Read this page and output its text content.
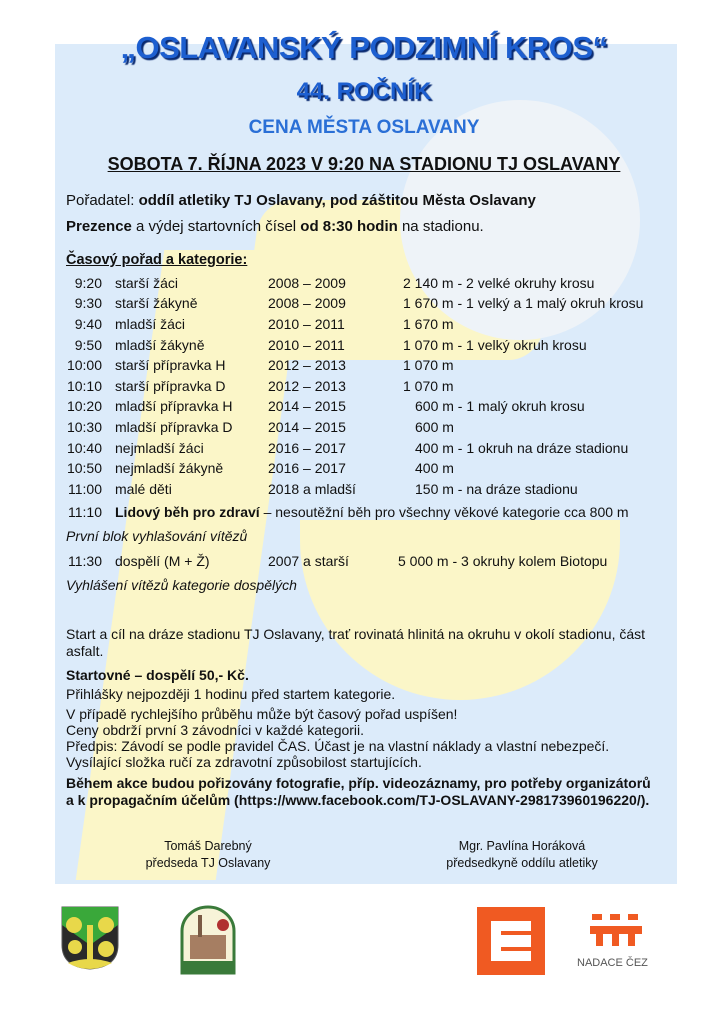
„OSLAVANSKÝ PODZIMNÍ KROS“
44. ROČNÍK
CENA MĚSTA OSLAVANY
SOBOTA 7. ŘÍJNA 2023 V 9:20 NA STADIONU TJ OSLAVANY
Pořadatel: oddíl atletiky TJ Oslavany, pod záštitou Města Oslavany
Prezence a výdej startovních čísel od 8:30 hodin na stadionu.
Časový pořad a kategorie:
9:20 starší žáci	2008 – 2009	2 140 m - 2 velké okruhy krosu
9:30 starší žákyně	2008 – 2009	1 670 m - 1 velký a 1 malý okruh krosu
9:40 mladší žáci	2010 – 2011	1 670 m
9:50 mladší žákyně	2010 – 2011	1 070 m - 1 velký okruh krosu
10:00 starší přípravka H	2012 – 2013	1 070 m
10:10 starší přípravka D	2012 – 2013	1 070 m
10:20 mladší přípravka H	2014 – 2015	600 m - 1 malý okruh krosu
10:30 mladší přípravka D	2014 – 2015	600 m
10:40 nejmladší žáci	2016 – 2017	400 m - 1 okruh na dráze stadionu
10:50 nejmladší žákyně	2016 – 2017	400 m
11:00 malé děti	2018 a mladší	150 m - na dráze stadionu
11:10 Lidový běh pro zdraví – nesoutěžní běh pro všechny věkové kategorie cca 800 m
První blok vyhlašování vítězů
11:30 dospělí (M + Ž)	2007 a starší	5 000 m - 3 okruhy kolem Biotopu
Vyhlášení vítězů kategorie dospělých
Start a cíl na dráze stadionu TJ Oslavany, trať rovinatá hlinitá na okruhu v okolí stadionu, část asfalt.
Startovné – dospělí 50,- Kč.
Přihlášky nejpozději 1 hodinu před startem kategorie.
V případě rychlejšího průběhu může být časový pořad uspíšen!
Ceny obdrží první 3 závodníci v každé kategorii.
Předpis: Závodí se podle pravidel ČAS. Účast je na vlastní náklady a vlastní nebezpečí.
Vysílající složka ručí za zdravotní způsobilost startujících.
Během akce budou pořizovány fotografie, příp. videozáznamy, pro potřeby organizátorů
a k propagačním účelům (https://www.facebook.com/TJ-OSLAVANY-298173960196220/).
Tomáš Darebný
předseda TJ Oslavany
Mgr. Pavlína Horáková
předsedkyně oddílu atletiky
NADACE ČEZ
